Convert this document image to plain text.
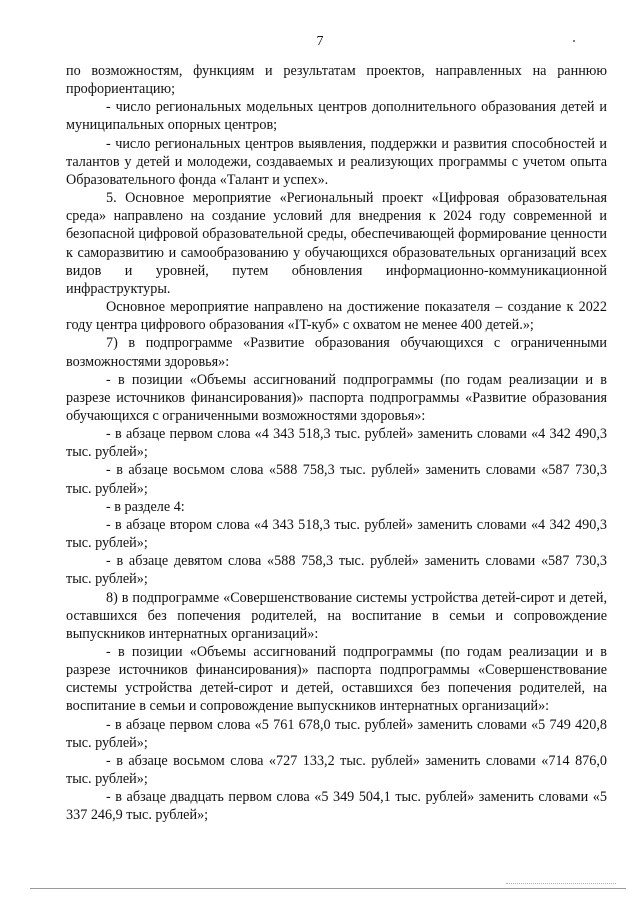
7

по возможностям, функциям и результатам проектов, направленных на раннюю профориентацию;

- число региональных модельных центров дополнительного образования детей и муниципальных опорных центров;

- число региональных центров выявления, поддержки и развития способностей и талантов у детей и молодежи, создаваемых и реализующих программы с учетом опыта Образовательного фонда «Талант и успех».

5. Основное мероприятие «Региональный проект «Цифровая образовательная среда» направлено на создание условий для внедрения к 2024 году современной и безопасной цифровой образовательной среды, обеспечивающей формирование ценности к саморазвитию и самообразованию у обучающихся образовательных организаций всех видов и уровней, путем обновления информационно-коммуникационной инфраструктуры.

Основное мероприятие направлено на достижение показателя – создание к 2022 году центра цифрового образования «IT-куб» с охватом не менее 400 детей.»;

7) в подпрограмме «Развитие образования обучающихся с ограниченными возможностями здоровья»:

- в позиции «Объемы ассигнований подпрограммы (по годам реализации и в разрезе источников финансирования)» паспорта подпрограммы «Развитие образования обучающихся с ограниченными возможностями здоровья»:

- в абзаце первом слова «4 343 518,3 тыс. рублей» заменить словами «4 342 490,3 тыс. рублей»;

- в абзаце восьмом слова «588 758,3 тыс. рублей» заменить словами «587 730,3 тыс. рублей»;

- в разделе 4:

- в абзаце втором слова «4 343 518,3 тыс. рублей» заменить словами «4 342 490,3 тыс. рублей»;

- в абзаце девятом слова «588 758,3 тыс. рублей» заменить словами «587 730,3 тыс. рублей»;

8) в подпрограмме «Совершенствование системы устройства детей-сирот и детей, оставшихся без попечения родителей, на воспитание в семьи и сопровождение выпускников интернатных организаций»:

- в позиции «Объемы ассигнований подпрограммы (по годам реализации и в разрезе источников финансирования)» паспорта подпрограммы «Совершенствование системы устройства детей-сирот и детей, оставшихся без попечения родителей, на воспитание в семьи и сопровождение выпускников интернатных организаций»:

- в абзаце первом слова «5 761 678,0 тыс. рублей» заменить словами «5 749 420,8 тыс. рублей»;

- в абзаце восьмом слова «727 133,2 тыс. рублей» заменить словами «714 876,0 тыс. рублей»;

- в абзаце двадцать первом слова «5 349 504,1 тыс. рублей» заменить словами «5 337 246,9 тыс. рублей»;
